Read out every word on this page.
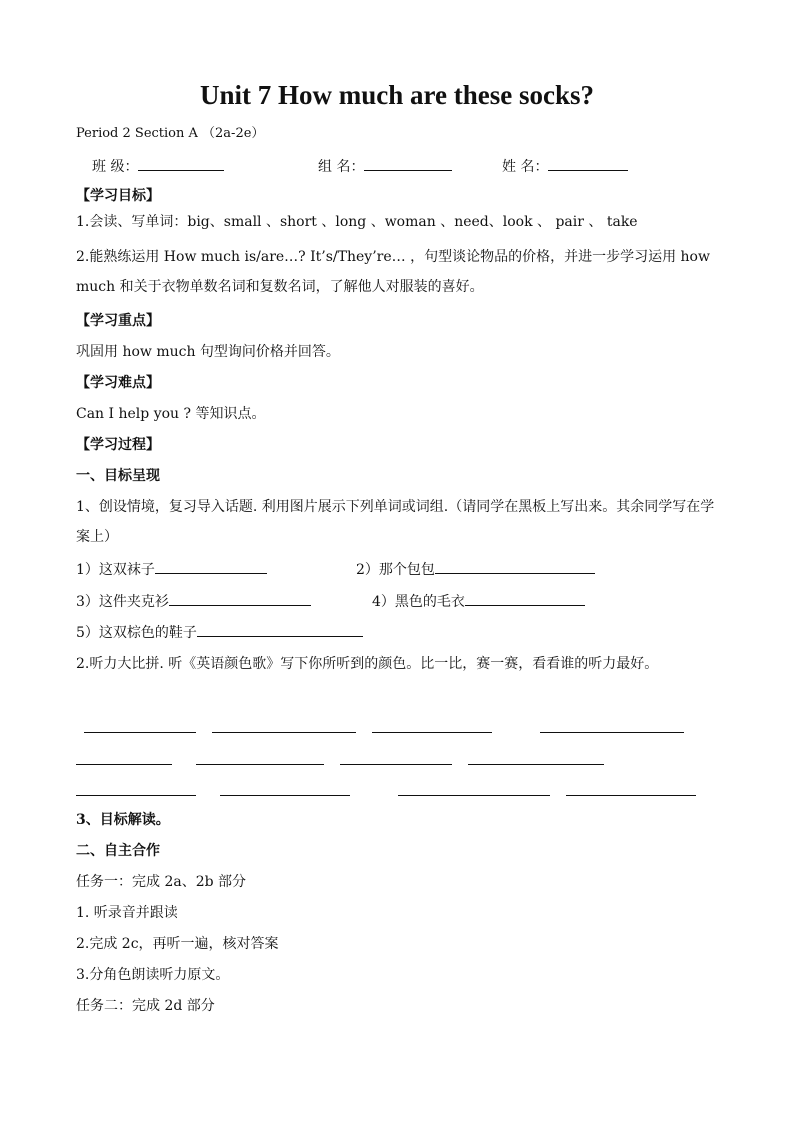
Unit 7 How much are these socks?
Period 2 Section A （2a-2e）
班 级：	组 名：	姓 名：
【学习目标】
1.会读、写单词：big、small 、short 、long 、woman 、need、look 、 pair 、 take
2.能熟练运用 How much is/are…? It’s/They’re… ，句型谈论物品的价格，并进一步学习运用 how much 和关于衣物单数名词和复数名词，了解他人对服装的喜好。
【学习重点】
巩固用 how much 句型询问价格并回答。
【学习难点】
Can I help you ? 等知识点。
【学习过程】
一、目标呈现
1、创设情境，复习导入话题. 利用图片展示下列单词或词组.（请同学在黑板上写出来。其余同学写在学案上）
1）这双袜子	2）那个包包
3）这件夹克衫	4）黑色的毛衣
5）这双棕色的鞋子
2.听力大比拼. 听《英语颜色歌》写下你所听到的颜色。比一比，赛一赛，看看谁的听力最好。
3、目标解读。
二、自主合作
任务一：完成 2a、2b 部分
1. 听录音并跟读
2.完成 2c，再听一遍，核对答案
3.分角色朗读听力原文。
任务二：完成 2d 部分
